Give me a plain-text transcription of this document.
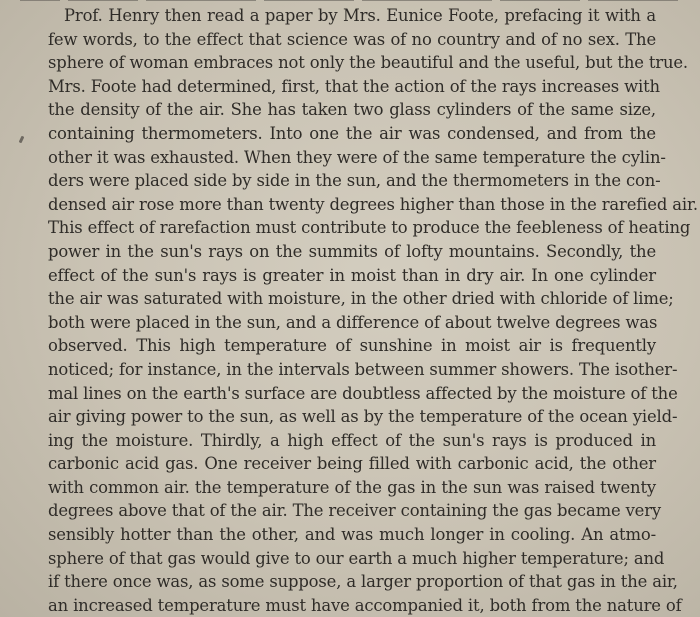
Prof. Henry then read a paper by Mrs. Eunice Foote, prefacing it with a
few words, to the effect that science was of no country and of no sex. The
sphere of woman embraces not only the beautiful and the useful, but the true.
Mrs. Foote had determined, first, that the action of the rays increases with
the density of the air. She has taken two glass cylinders of the same size,
containing thermometers. Into one the air was condensed, and from the
other it was exhausted. When they were of the same temperature the cylin-
ders were placed side by side in the sun, and the thermometers in the con-
densed air rose more than twenty degrees higher than those in the rarefied air.
This effect of rarefaction must contribute to produce the feebleness of heating
power in the sun's rays on the summits of lofty mountains. Secondly, the
effect of the sun's rays is greater in moist than in dry air. In one cylinder
the air was saturated with moisture, in the other dried with chloride of lime;
both were placed in the sun, and a difference of about twelve degrees was
observed. This high temperature of sunshine in moist air is frequently
noticed; for instance, in the intervals between summer showers. The isother-
mal lines on the earth's surface are doubtless affected by the moisture of the
air giving power to the sun, as well as by the temperature of the ocean yield-
ing the moisture. Thirdly, a high effect of the sun's rays is produced in
carbonic acid gas. One receiver being filled with carbonic acid, the other
with common air. the temperature of the gas in the sun was raised twenty
degrees above that of the air. The receiver containing the gas became very
sensibly hotter than the other, and was much longer in cooling. An atmo-
sphere of that gas would give to our earth a much higher temperature; and
if there once was, as some suppose, a larger proportion of that gas in the air,
an increased temperature must have accompanied it, both from the nature of
